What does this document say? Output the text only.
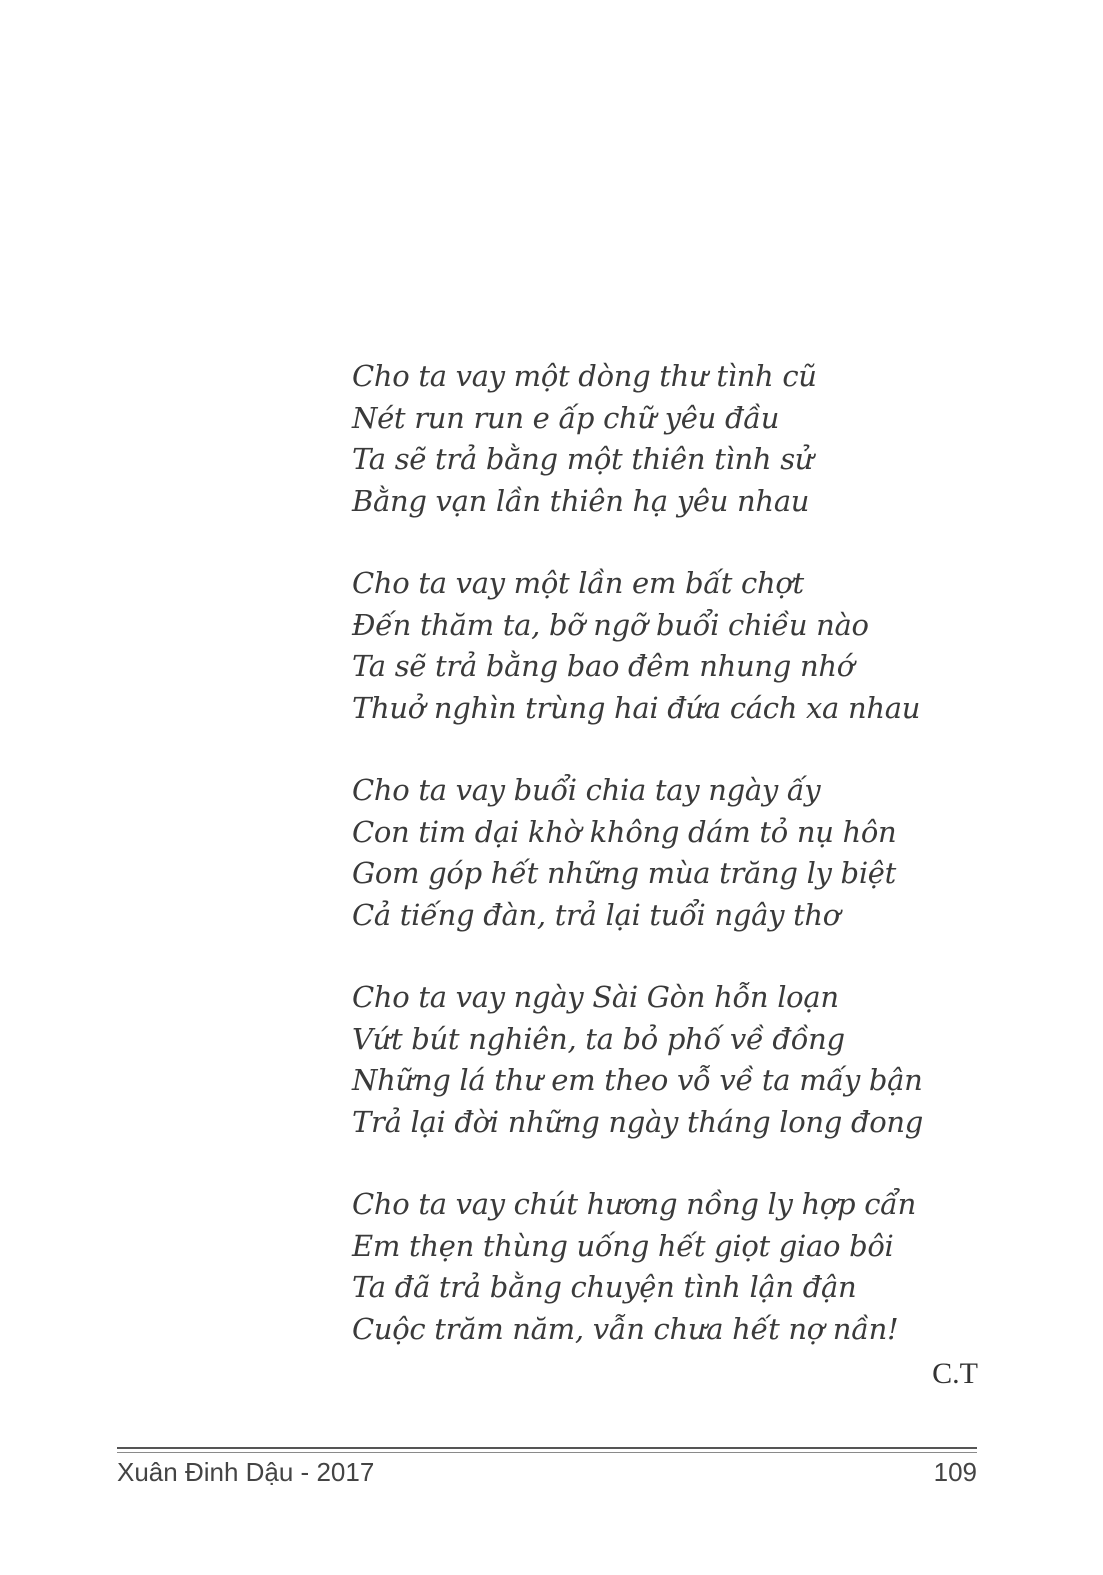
Cho ta vay một dòng thư tình cũ
Nét run run e ấp chữ yêu đầu
Ta sẽ trả bằng một thiên tình sử
Bằng vạn lần thiên hạ yêu nhau
Cho ta vay một lần em bất chợt
Đến thăm ta, bỡ ngỡ buổi chiều nào
Ta sẽ trả bằng bao đêm nhung nhớ
Thuở nghìn trùng hai đứa cách xa nhau
Cho ta vay buổi chia tay ngày ấy
Con tim dại khờ không dám tỏ nụ hôn
Gom góp hết những mùa trăng ly biệt
Cả tiếng đàn, trả lại tuổi ngây thơ
Cho ta vay ngày Sài Gòn hỗn loạn
Vứt bút nghiên, ta bỏ phố về đồng
Những lá thư em theo vỗ về ta mấy bận
Trả lại đời những ngày tháng long đong
Cho ta vay chút hương nồng ly hợp cẩn
Em thẹn thùng uống hết giọt giao bôi
Ta đã trả bằng chuyện tình lận đận
Cuộc trăm năm, vẫn chưa hết nợ nần!
C.T
Xuân Đinh Dậu - 2017	109
